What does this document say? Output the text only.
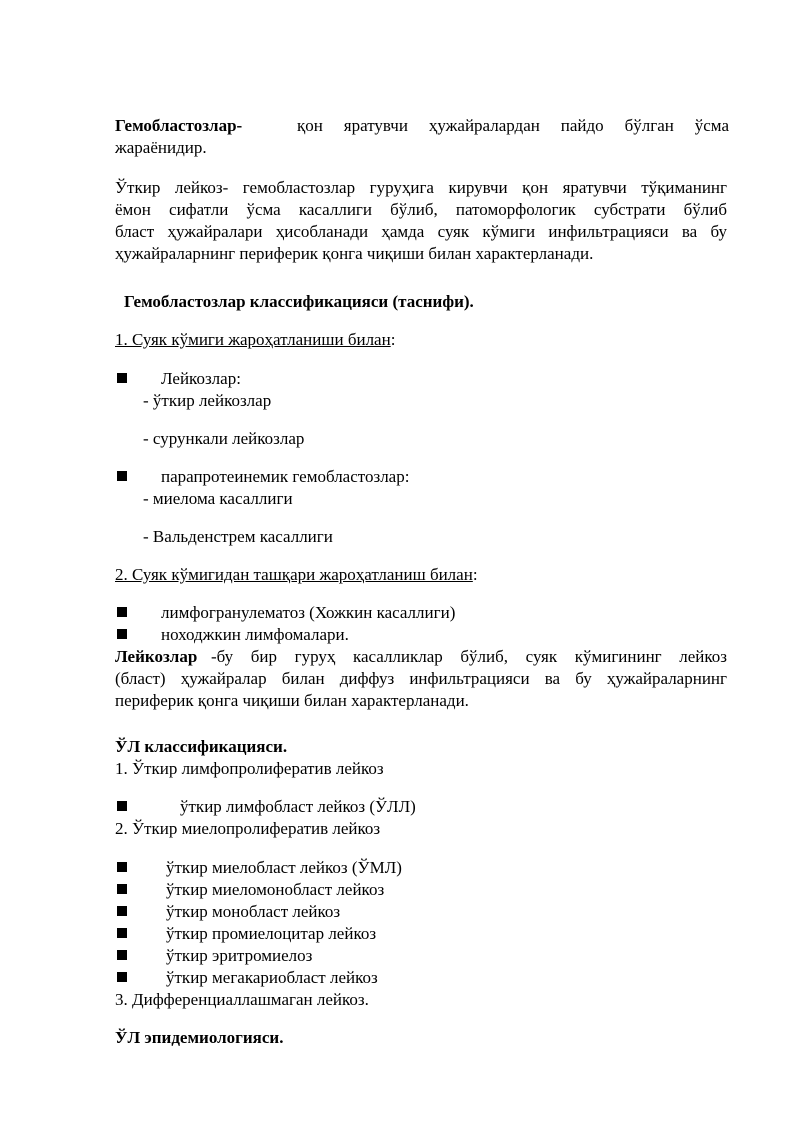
Гемобластозлар-	қон яратувчи ҳужайралардан пайдо бўлган ўсма
жараёнидир.
Ўткир лейкоз- гемобластозлар гуруҳига кирувчи қон яратувчи тўқиманинг
ёмон сифатли ўсма касаллиги бўлиб, патоморфологик субстрати бўлиб
бласт ҳужайралари ҳисобланади ҳамда суяк кўмиги инфильтрацияси ва бу
ҳужайраларнинг периферик қонга чиқиши билан характерланади.
Гемобластозлар классификацияси (таснифи).
1. Суяк кўмиги жароҳатланиши билан:
Лейкозлар:
- ўткир лейкозлар
- сурункали лейкозлар
парапротеинемик гемобластозлар:
- миелома касаллиги
- Вальденстрем касаллиги
2. Суяк кўмигидан ташқари жароҳатланиш билан:
лимфогранулематоз (Хожкин касаллиги)
ноходжкин лимфомалари.
Лейкозлар -бу бир гуруҳ касалликлар бўлиб, суяк кўмигининг лейкоз
(бласт) ҳужайралар билан диффуз инфильтрацияси ва бу ҳужайраларнинг
периферик қонга чиқиши билан характерланади.
ЎЛ классификацияси.
1. Ўткир лимфопролифератив лейкоз
ўткир лимфобласт лейкоз (ЎЛЛ)
2. Ўткир миелопролифератив лейкоз
ўткир миелобласт лейкоз (ЎМЛ)
ўткир миеломонобласт лейкоз
ўткир монобласт лейкоз
ўткир промиелоцитар лейкоз
ўткир эритромиелоз
ўткир мегакариобласт лейкоз
3. Дифференциаллашмаган лейкоз.
ЎЛ эпидемиологияси.
